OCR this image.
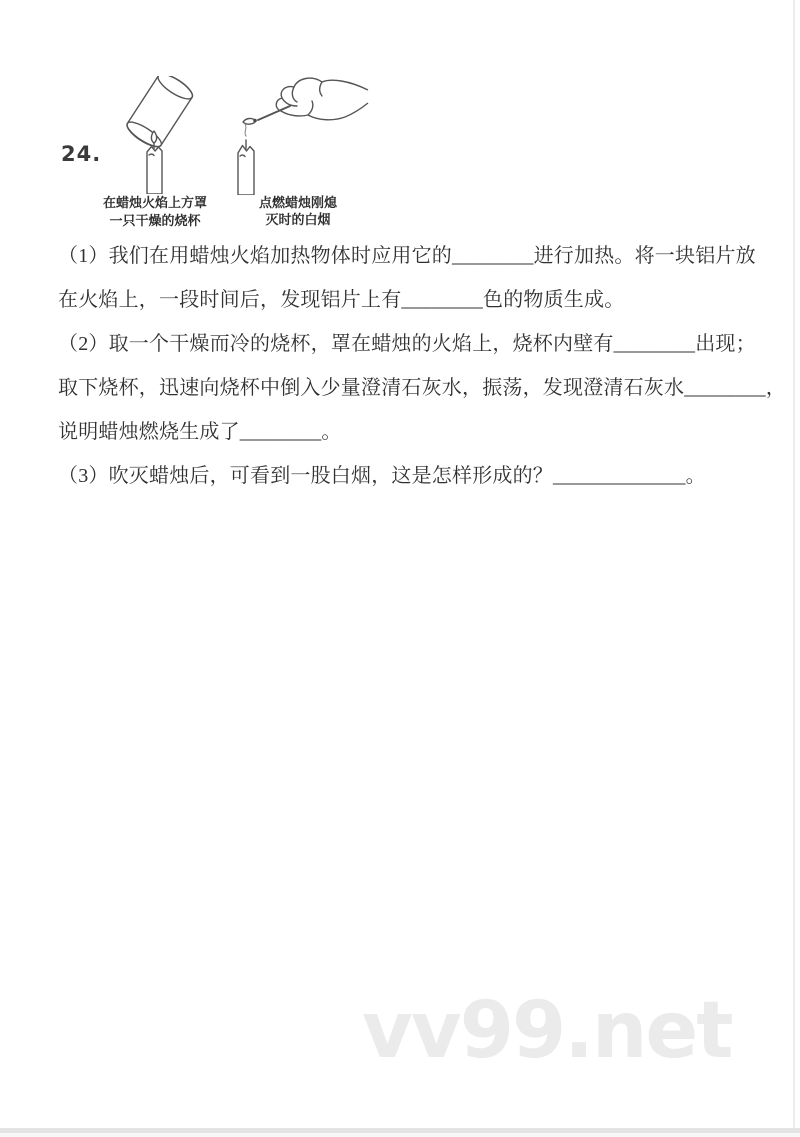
24.
在蜡烛火焰上方罩
一只干燥的烧杯
点燃蜡烛刚熄
灭时的白烟
（1）我们在用蜡烛火焰加热物体时应用它的________进行加热。将一块铝片放
在火焰上，一段时间后，发现铝片上有________色的物质生成。
（2）取一个干燥而冷的烧杯，罩在蜡烛的火焰上，烧杯内壁有________出现；
取下烧杯，迅速向烧杯中倒入少量澄清石灰水，振荡，发现澄清石灰水________，
说明蜡烛燃烧生成了________。
（3）吹灭蜡烛后，可看到一股白烟，这是怎样形成的？_____________。
vv99.net
